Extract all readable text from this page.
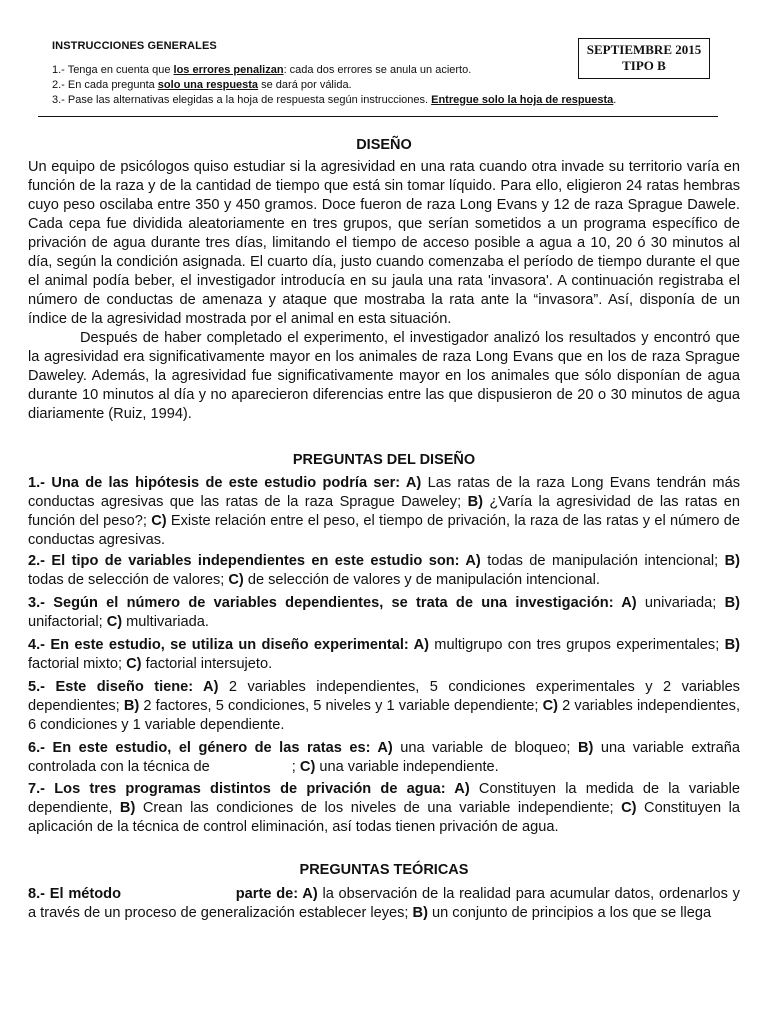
INSTRUCCIONES GENERALES
1.- Tenga en cuenta que los errores penalizan: cada dos errores se anula un acierto.
2.- En cada pregunta solo una respuesta se dará por válida.
3.- Pase las alternativas elegidas a la hoja de respuesta según instrucciones. Entregue solo la hoja de respuesta.
SEPTIEMBRE 2015
TIPO B
DISEÑO
Un equipo de psicólogos quiso estudiar si la agresividad en una rata cuando otra invade su territorio varía en función de la raza y de la cantidad de tiempo que está sin tomar líquido. Para ello, eligieron 24 ratas hembras cuyo peso oscilaba entre 350 y 450 gramos. Doce fueron de raza Long Evans y 12 de raza Sprague Dawele. Cada cepa fue dividida aleatoriamente en tres grupos, que serían sometidos a un programa específico de privación de agua durante tres días, limitando el tiempo de acceso posible a agua a 10, 20 ó 30 minutos al día, según la condición asignada. El cuarto día, justo cuando comenzaba el período de tiempo durante el que el animal podía beber, el investigador introducía en su jaula una rata 'invasora'. A continuación registraba el número de conductas de amenaza y ataque que mostraba la rata ante la “invasora”. Así, disponía de un índice de la agresividad mostrada por el animal en esta situación.
Después de haber completado el experimento, el investigador analizó los resultados y encontró que la agresividad era significativamente mayor en los animales de raza Long Evans que en los de raza Sprague Daweley. Además, la agresividad fue significativamente mayor en los animales que sólo disponían de agua durante 10 minutos al día y no aparecieron diferencias entre las que dispusieron de 20 o 30 minutos de agua diariamente (Ruiz, 1994).
PREGUNTAS DEL DISEÑO
1.- Una de las hipótesis de este estudio podría ser: A) Las ratas de la raza Long Evans tendrán más conductas agresivas que las ratas de la raza Sprague Daweley; B) ¿Varía la agresividad de las ratas en función del peso?; C) Existe relación entre el peso, el tiempo de privación, la raza de las ratas y el número de conductas agresivas.
2.- El tipo de variables independientes en este estudio son: A) todas de manipulación intencional; B) todas de selección de valores; C) de selección de valores y de manipulación intencional.
3.- Según el número de variables dependientes, se trata de una investigación: A) univariada; B) unifactorial; C) multivariada.
4.- En este estudio, se utiliza un diseño experimental: A) multigrupo con tres grupos experimentales; B) factorial mixto; C) factorial intersujeto.
5.- Este diseño tiene: A) 2 variables independientes, 5 condiciones experimentales y 2 variables dependientes; B) 2 factores, 5 condiciones, 5 niveles y 1 variable dependiente; C) 2 variables independientes, 6 condiciones y 1 variable dependiente.
6.- En este estudio, el género de las ratas es: A) una variable de bloqueo; B) una variable extraña controlada con la técnica de	; C) una variable independiente.
7.- Los tres programas distintos de privación de agua: A) Constituyen la medida de la variable dependiente, B) Crean las condiciones de los niveles de una variable independiente; C) Constituyen la aplicación de la técnica de control eliminación, así todas tienen privación de agua.
PREGUNTAS TEÓRICAS
8.- El método	parte de: A) la observación de la realidad para acumular datos, ordenarlos y a través de un proceso de generalización establecer leyes; B) un conjunto de principios a los que se llega
